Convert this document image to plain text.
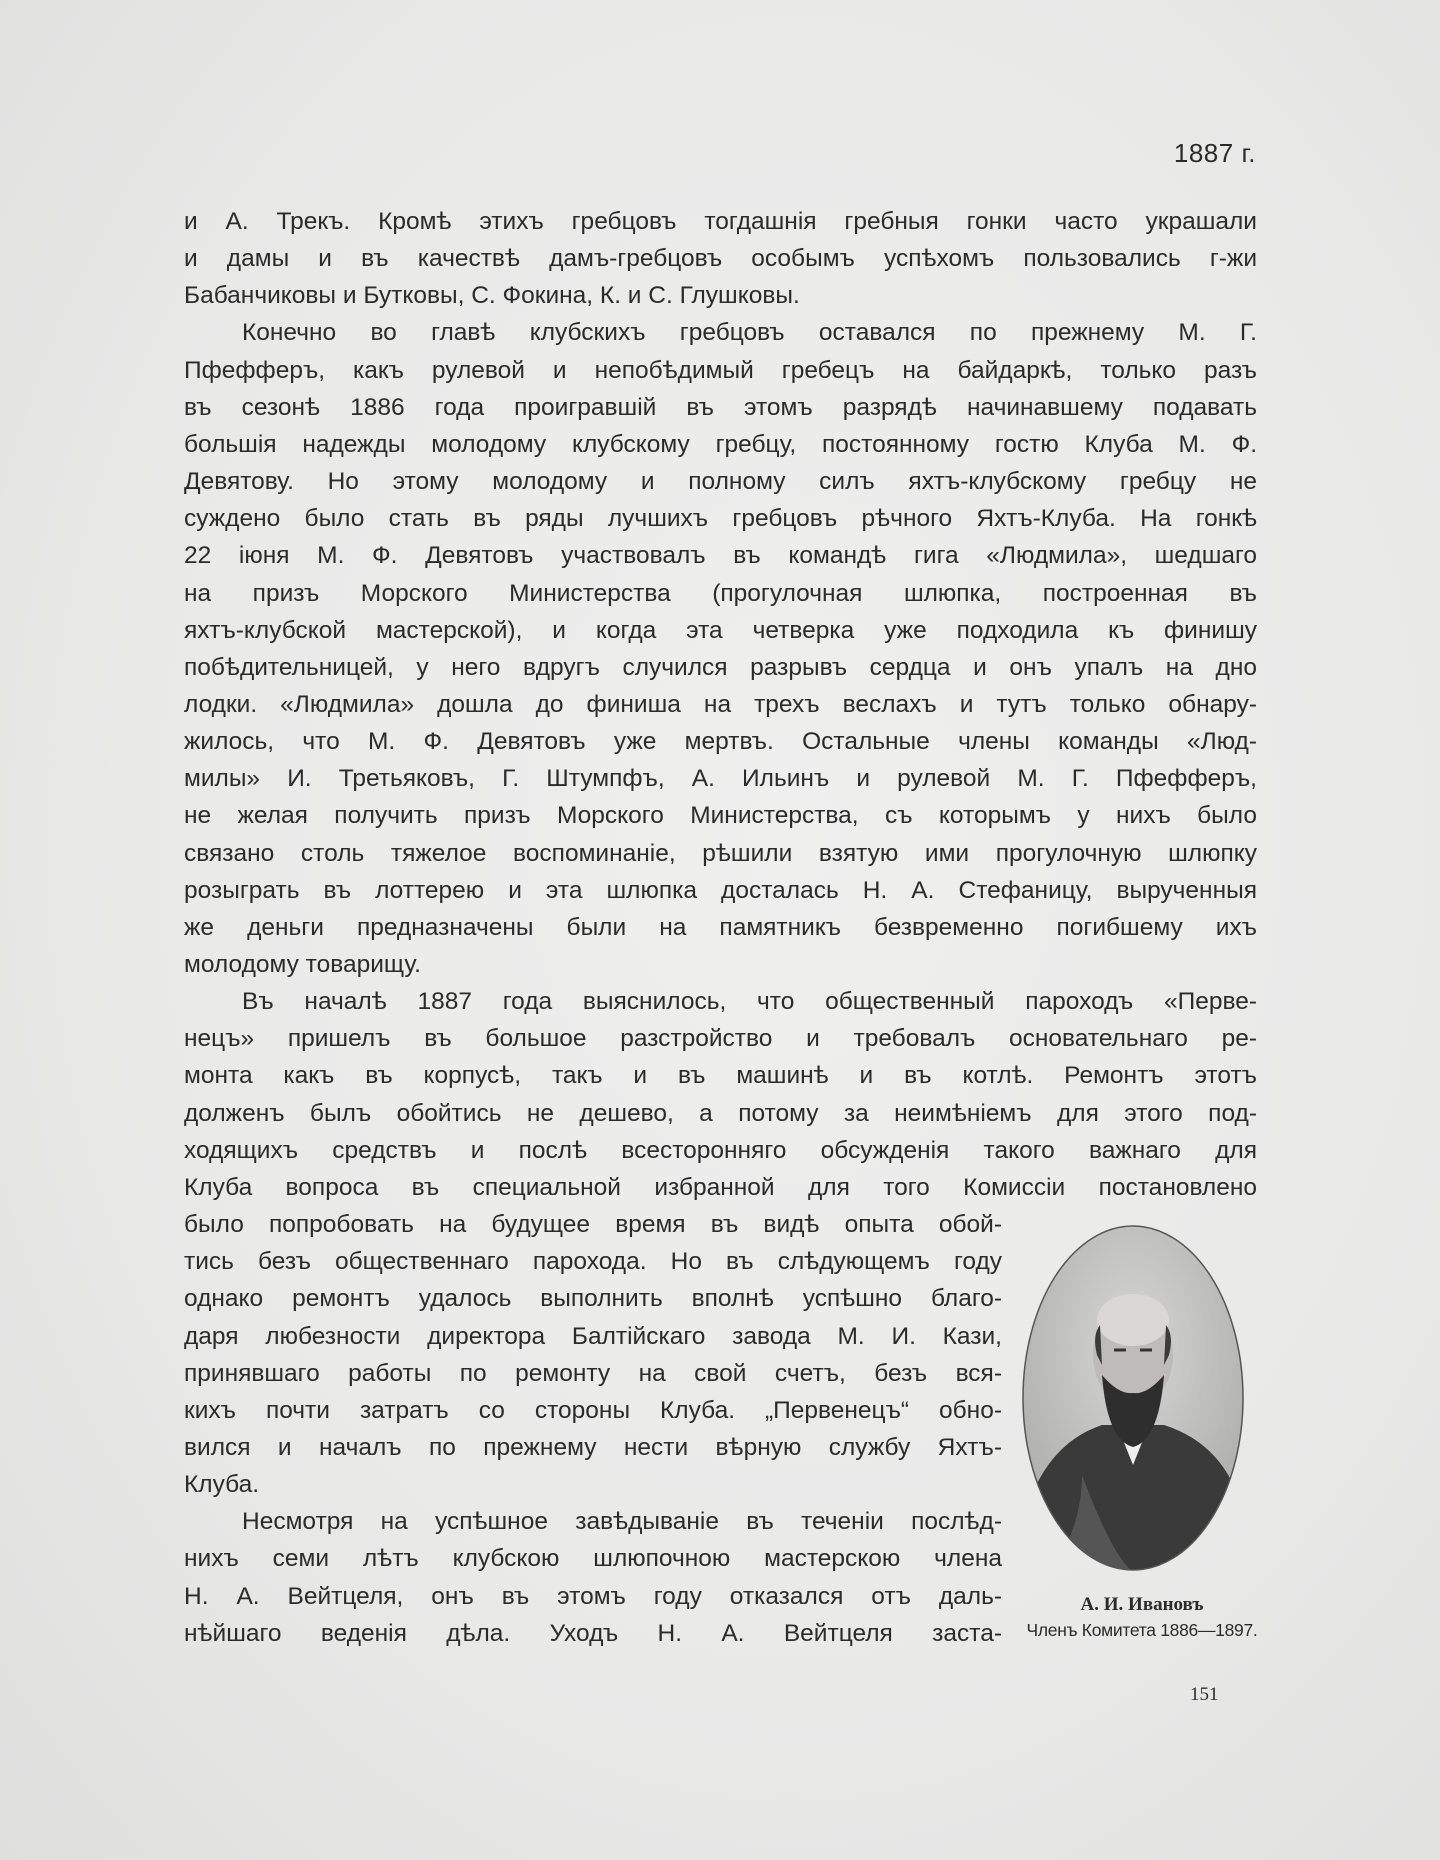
1887 г.
и А. Трекъ. Кромѣ этихъ гребцовъ тогдашнія гребныя гонки часто украшали
и дамы и въ качествѣ дамъ-гребцовъ особымъ успѣхомъ пользовались г-жи
Бабанчиковы и Бутковы, С. Фокина, К. и С. Глушковы.
Конечно во главѣ клубскихъ гребцовъ оставался по прежнему М. Г.
Пфефферъ, какъ рулевой и непобѣдимый гребецъ на байдаркѣ, только разъ
въ сезонѣ 1886 года проигравшій въ этомъ разрядѣ начинавшему подавать
большія надежды молодому клубскому гребцу, постоянному гостю Клуба М. Ф.
Девятову. Но этому молодому и полному силъ яхтъ-клубскому гребцу не
суждено было стать въ ряды лучшихъ гребцовъ рѣчного Яхтъ-Клуба. На гонкѣ
22 іюня М. Ф. Девятовъ участвовалъ въ командѣ гига «Людмила», шедшаго
на призъ Морского Министерства (прогулочная шлюпка, построенная въ
яхтъ-клубской мастерской), и когда эта четверка уже подходила къ финишу
побѣдительницей, у него вдругъ случился разрывъ сердца и онъ упалъ на дно
лодки. «Людмила» дошла до финиша на трехъ веслахъ и тутъ только обнару-
жилось, что М. Ф. Девятовъ уже мертвъ. Остальные члены команды «Люд-
милы» И. Третьяковъ, Г. Штумпфъ, А. Ильинъ и рулевой М. Г. Пфефферъ,
не желая получить призъ Морского Министерства, съ которымъ у нихъ было
связано столь тяжелое воспоминаніе, рѣшили взятую ими прогулочную шлюпку
розыграть въ лоттерею и эта шлюпка досталась Н. А. Стефаницу, вырученныя
же деньги предназначены были на памятникъ безвременно погибшему ихъ
молодому товарищу.
Въ началѣ 1887 года выяснилось, что общественный пароходъ «Перве-
нецъ» пришелъ въ большое разстройство и требовалъ основательнаго ре-
монта какъ въ корпусѣ, такъ и въ машинѣ и въ котлѣ. Ремонтъ этотъ
долженъ былъ обойтись не дешево, а потому за неимѣніемъ для этого под-
ходящихъ средствъ и послѣ всесторонняго обсужденія такого важнаго для
Клуба вопроса въ специальной избранной для того Комиссіи постановлено
было попробовать на будущее время въ видѣ опыта обой-
тись безъ общественнаго парохода. Но въ слѣдующемъ году
однако ремонтъ удалось выполнить вполнѣ успѣшно благо-
даря любезности директора Балтійскаго завода М. И. Кази,
принявшаго работы по ремонту на свой счетъ, безъ вся-
кихъ почти затратъ со стороны Клуба. „Первенецъ“ обно-
вился и началъ по прежнему нести вѣрную службу Яхтъ-
Клуба.
Несмотря на успѣшное завѣдываніе въ теченіи послѣд-
нихъ семи лѣтъ клубскою шлюпочною мастерскою члена
Н. А. Вейтцеля, онъ въ этомъ году отказался отъ даль-
нѣйшаго веденія дѣла. Уходъ Н. А. Вейтцеля заста-
А. И. Ивановъ
Членъ Комитета 1886—1897.
151
